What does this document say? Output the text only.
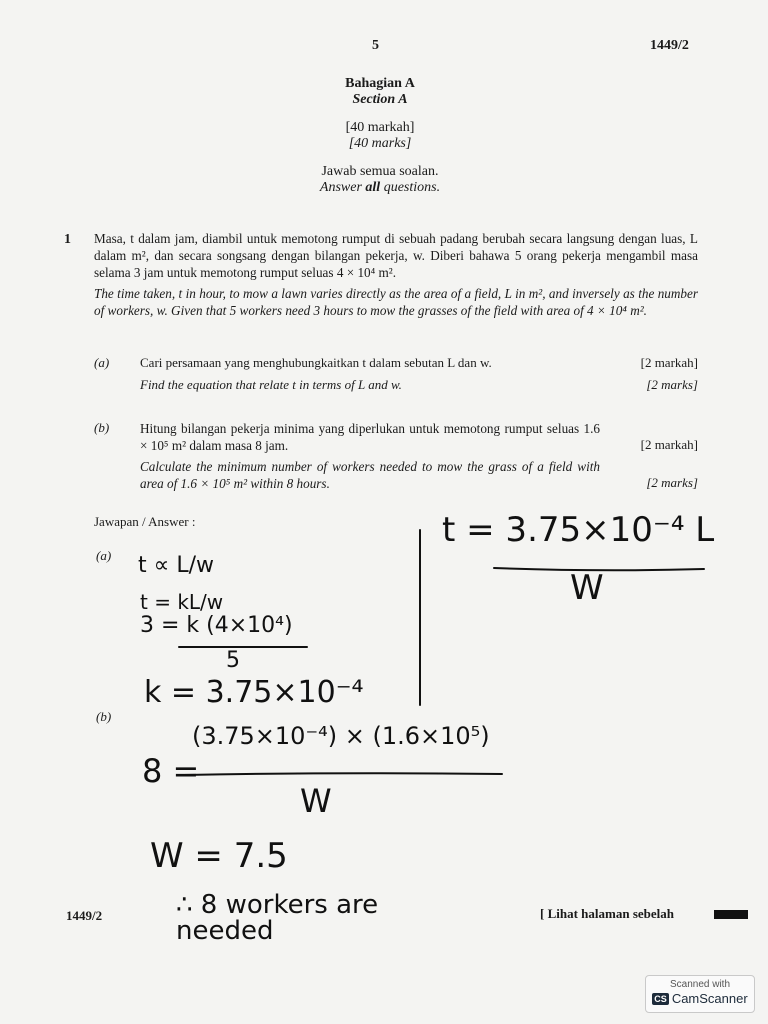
5	1449/2
Bahagian A
Section A
[40 markah]
[40 marks]
Jawab semua soalan.
Answer all questions.
1 Masa, t dalam jam, diambil untuk memotong rumput di sebuah padang berubah secara langsung dengan luas, L dalam m², dan secara songsang dengan bilangan pekerja, w. Diberi bahawa 5 orang pekerja mengambil masa selama 3 jam untuk memotong rumput seluas 4 × 10⁴ m².
The time taken, t in hour, to mow a lawn varies directly as the area of a field, L in m², and inversely as the number of workers, w. Given that 5 workers need 3 hours to mow the grasses of the field with area of 4 × 10⁴ m².
(a) Cari persamaan yang menghubungkaitkan t dalam sebutan L dan w.	[2 markah]
Find the equation that relate t in terms of L and w.	[2 marks]
(b) Hitung bilangan pekerja minima yang diperlukan untuk memotong rumput seluas 1.6 × 10⁵ m² dalam masa 8 jam.	[2 markah]
Calculate the minimum number of workers needed to mow the grass of a field with area of 1.6 × 10⁵ m² within 8 hours.	[2 marks]
Jawapan / Answer :
(a)
(b)
t ∝ L/w
t = kL/w
3 = k (4×10⁴)
5
k = 3.75×10⁻⁴
t = 3.75×10⁻⁴ L
W
8 =
(3.75×10⁻⁴) × (1.6×10⁵)
W
W = 7.5
∴ 8 workers are needed
1449/2	[ Lihat halaman sebelah
Scanned with
CS CamScanner
